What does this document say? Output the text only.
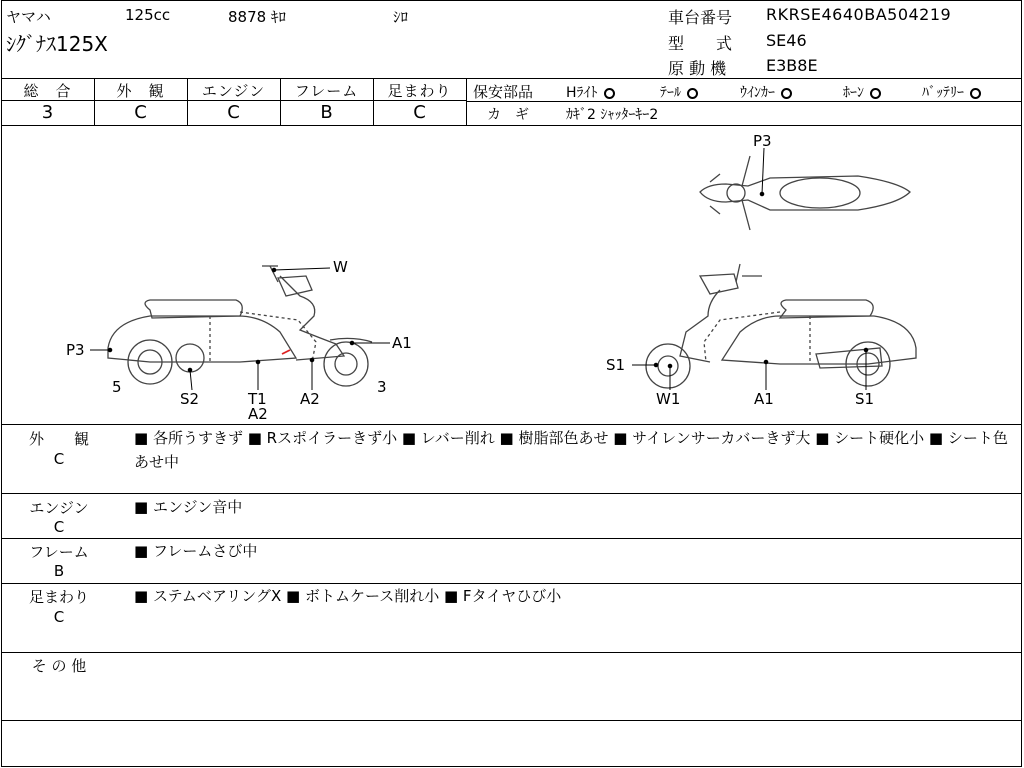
ヤマハ	125cc	8878 ｷﾛ	ｼﾛ
ｼｸﾞﾅｽ125X
車台番号 RKRSE4640BA504219
型　　式 SE46
原 動 機 E3B8E
総　合	外　観	エンジン	フレーム	足まわり
3	C	C	B	C
保安部品 Hﾗｲﾄ	ﾃｰﾙ	ｳｲﾝｶｰ	ﾎｰﾝ	ﾊﾞｯﾃﾘｰ
カ　ギ	ｶｷﾞ2 ｼｬｯﾀｰｷｰ2
P3
W
P3	A1
5	3
S2	T1
A2
A2
S1
W1	A1	S1
外　　観
C
■ 各所うすきず ■ Rスポイラーきず小 ■ レバー削れ ■ 樹脂部色あせ ■ サイレンサーカバーきず大 ■ シート硬化小 ■ シート色あせ中
エンジン
C
■ エンジン音中
フレーム
B
■ フレームさび中
足まわり
C
■ ステムベアリングX ■ ボトムケース削れ小 ■ Fタイヤひび小
そ の 他
